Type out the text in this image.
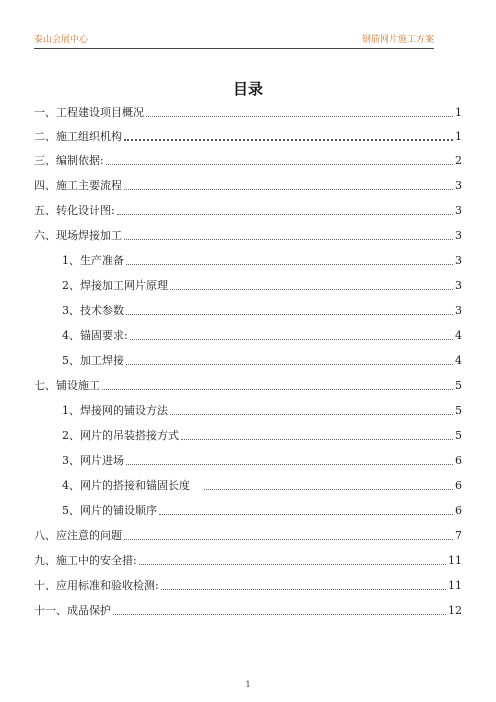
泰山会展中心	钢筋网片施工方案
目录
一、工程建设项目概况	1
二、施工组织机构	1
三、编制依据:	2
四、施工主要流程	3
五、转化设计图:	3
六、现场焊接加工	3
1、生产准备	3
2、焊接加工网片原理	3
3、技术参数	3
4、锚固要求:	4
5、加工焊接	4
七、铺设施工	5
1、焊接网的铺设方法	5
2、网片的吊装搭接方式	5
3、网片进场	6
4、网片的搭接和锚固长度	6
5、网片的铺设顺序	6
八、应注意的问题	7
九、施工中的安全措:	11
十、应用标准和验收检测:	11
十一、成品保护	12
1
